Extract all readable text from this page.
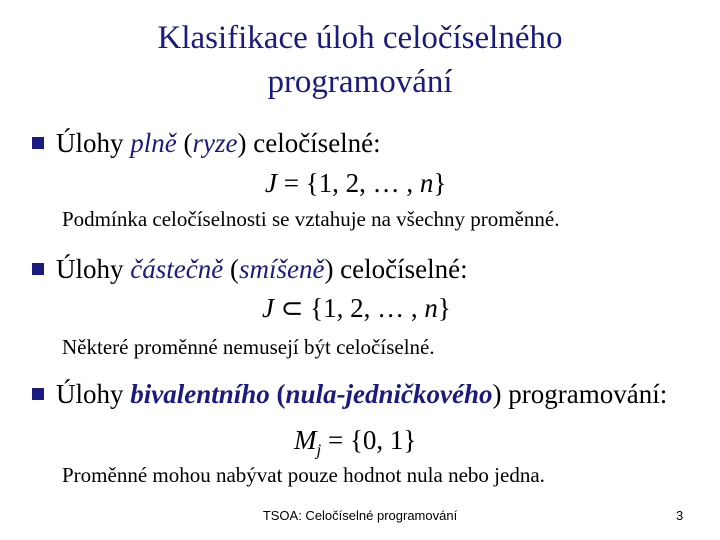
Klasifikace úloh celočíselného
programování
Úlohy plně (ryze) celočíselné:
J = {1, 2, … , n}
Podmínka celočíselnosti se vztahuje na všechny proměnné.
Úlohy částečně (smíšeně) celočíselné:
J ⊂ {1, 2, … , n}
Některé proměnné nemusejí být celočíselné.
Úlohy bivalentního (nula-jedničkového) programování:
$M_j = \{0$, 1}
Proměnné mohou nabývat pouze hodnot nula nebo jedna.
TSOA: Celočíselné programování	3
